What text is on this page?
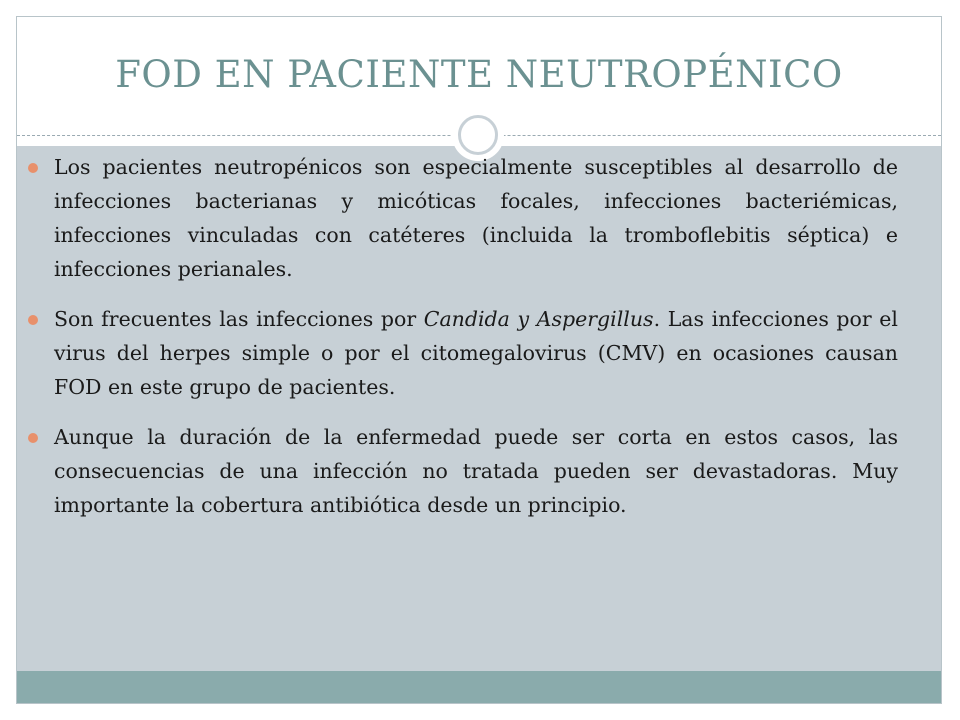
FOD EN PACIENTE NEUTROPÉNICO
Los pacientes neutropénicos son especialmente susceptibles al desarrollo de infecciones bacterianas y micóticas focales, infecciones bacteriémicas, infecciones vinculadas con catéteres (incluida la tromboflebitis séptica) e infecciones perianales.
Son frecuentes las infecciones por Candida y Aspergillus. Las infecciones por el virus del herpes simple o por el citomegalovirus (CMV) en ocasiones causan FOD en este grupo de pacientes.
Aunque la duración de la enfermedad puede ser corta en estos casos, las consecuencias de una infección no tratada pueden ser devastadoras. Muy importante la cobertura antibiótica desde un principio.
